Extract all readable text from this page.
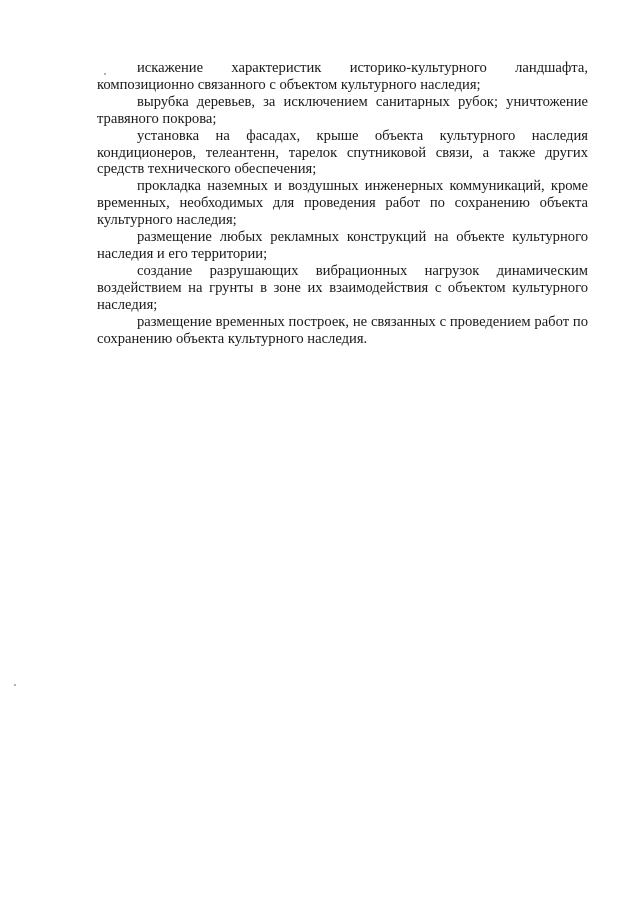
искажение характеристик историко-культурного ландшафта, композиционно связанного с объектом культурного наследия;

вырубка деревьев, за исключением санитарных рубок; уничтожение травяного покрова;

установка на фасадах, крыше объекта культурного наследия кондиционеров, телеантенн, тарелок спутниковой связи, а также других средств технического обеспечения;

прокладка наземных и воздушных инженерных коммуникаций, кроме временных, необходимых для проведения работ по сохранению объекта культурного наследия;

размещение любых рекламных конструкций на объекте культурного наследия и его территории;

создание разрушающих вибрационных нагрузок динамическим воздействием на грунты в зоне их взаимодействия с объектом культурного наследия;

размещение временных построек, не связанных с проведением работ по сохранению объекта культурного наследия.
